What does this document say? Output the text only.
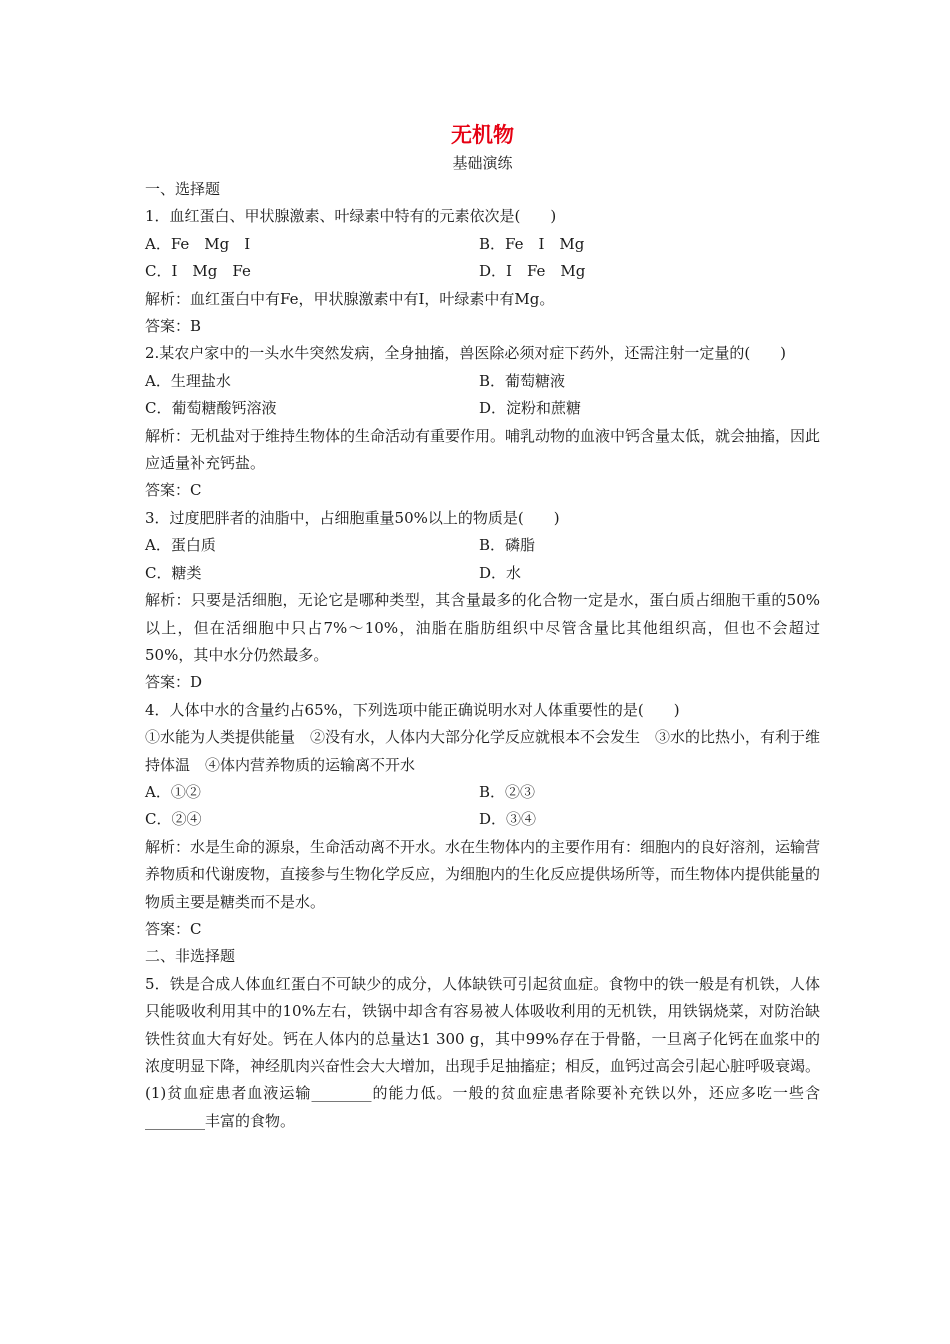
无机物
基础演练
一、选择题
1．血红蛋白、甲状腺激素、叶绿素中特有的元素依次是(　　)
A．Fe　Mg　I	B．Fe　I　Mg
C．I　Mg　Fe	D．I　Fe　Mg
解析：血红蛋白中有Fe，甲状腺激素中有I，叶绿素中有Mg。
答案：B
2.某农户家中的一头水牛突然发病，全身抽搐，兽医除必须对症下药外，还需注射一定量的(　　)
A．生理盐水	B．葡萄糖液
C．葡萄糖酸钙溶液	D．淀粉和蔗糖
解析：无机盐对于维持生物体的生命活动有重要作用。哺乳动物的血液中钙含量太低，就会抽搐，因此应适量补充钙盐。
答案：C
3．过度肥胖者的油脂中，占细胞重量50%以上的物质是(　　)
A．蛋白质	B．磷脂
C．糖类	D．水
解析：只要是活细胞，无论它是哪种类型，其含量最多的化合物一定是水，蛋白质占细胞干重的50%以上，但在活细胞中只占7%～10%，油脂在脂肪组织中尽管含量比其他组织高，但也不会超过50%，其中水分仍然最多。
答案：D
4．人体中水的含量约占65%，下列选项中能正确说明水对人体重要性的是(　　)
①水能为人类提供能量　②没有水，人体内大部分化学反应就根本不会发生　③水的比热小，有利于维持体温　④体内营养物质的运输离不开水
A．①②	B．②③
C．②④	D．③④
解析：水是生命的源泉，生命活动离不开水。水在生物体内的主要作用有：细胞内的良好溶剂，运输营养物质和代谢废物，直接参与生物化学反应，为细胞内的生化反应提供场所等，而生物体内提供能量的物质主要是糖类而不是水。
答案：C
二、非选择题
5．铁是合成人体血红蛋白不可缺少的成分，人体缺铁可引起贫血症。食物中的铁一般是有机铁，人体只能吸收利用其中的10%左右，铁锅中却含有容易被人体吸收利用的无机铁，用铁锅烧菜，对防治缺铁性贫血大有好处。钙在人体内的总量达1 300 g，其中99%存在于骨骼，一旦离子化钙在血浆中的浓度明显下降，神经肌肉兴奋性会大大增加，出现手足抽搐症；相反，血钙过高会引起心脏呼吸衰竭。
(1)贫血症患者血液运输________的能力低。一般的贫血症患者除要补充铁以外，还应多吃一些含________丰富的食物。
